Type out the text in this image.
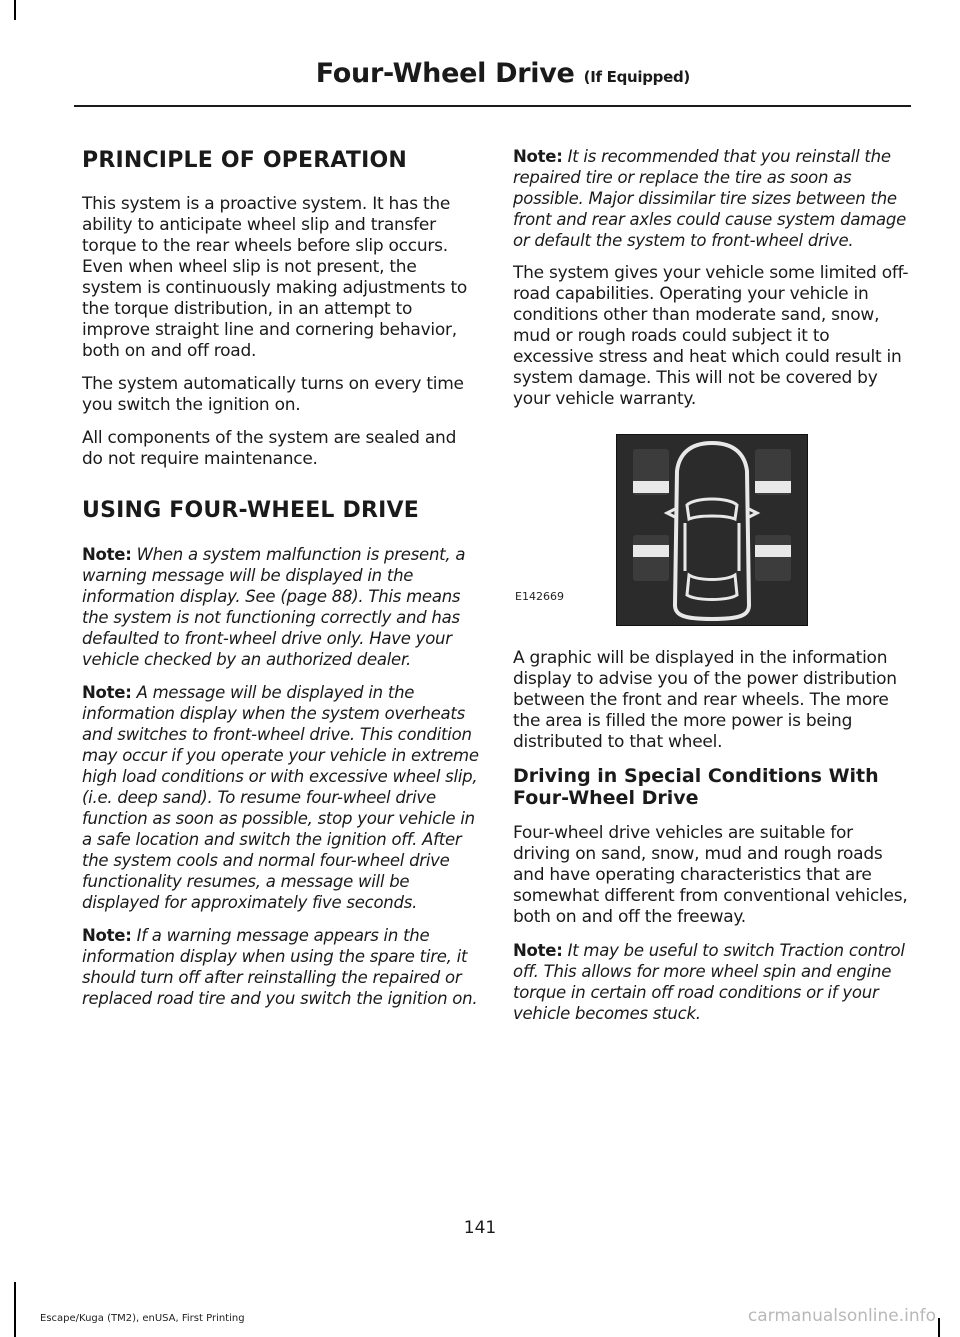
Four-Wheel Drive (If Equipped)
PRINCIPLE OF OPERATION

This system is a proactive system. It has the ability to anticipate wheel slip and transfer torque to the rear wheels before slip occurs. Even when wheel slip is not present, the system is continuously making adjustments to the torque distribution, in an attempt to improve straight line and cornering behavior, both on and off road.

The system automatically turns on every time you switch the ignition on.

All components of the system are sealed and do not require maintenance.

USING FOUR-WHEEL DRIVE

Note: When a system malfunction is present, a warning message will be displayed in the information display. See (page 88). This means the system is not functioning correctly and has defaulted to front-wheel drive only. Have your vehicle checked by an authorized dealer.

Note: A message will be displayed in the information display when the system overheats and switches to front-wheel drive. This condition may occur if you operate your vehicle in extreme high load conditions or with excessive wheel slip, (i.e. deep sand). To resume four-wheel drive function as soon as possible, stop your vehicle in a safe location and switch the ignition off. After the system cools and normal four-wheel drive functionality resumes, a message will be displayed for approximately five seconds.

Note: If a warning message appears in the information display when using the spare tire, it should turn off after reinstalling the repaired or replaced road tire and you switch the ignition on.

Note: It is recommended that you reinstall the repaired tire or replace the tire as soon as possible. Major dissimilar tire sizes between the front and rear axles could cause system damage or default the system to front-wheel drive.

The system gives your vehicle some limited off-road capabilities. Operating your vehicle in conditions other than moderate sand, snow, mud or rough roads could subject it to excessive stress and heat which could result in system damage. This will not be covered by your vehicle warranty.

E142669

A graphic will be displayed in the information display to advise you of the power distribution between the front and rear wheels. The more the area is filled the more power is being distributed to that wheel.

Driving in Special Conditions With Four-Wheel Drive

Four-wheel drive vehicles are suitable for driving on sand, snow, mud and rough roads and have operating characteristics that are somewhat different from conventional vehicles, both on and off the freeway.

Note: It may be useful to switch Traction control off. This allows for more wheel spin and engine torque in certain off road conditions or if your vehicle becomes stuck.

141
Escape/Kuga (TM2), enUSA, First Printing	carmanualsonline.info
